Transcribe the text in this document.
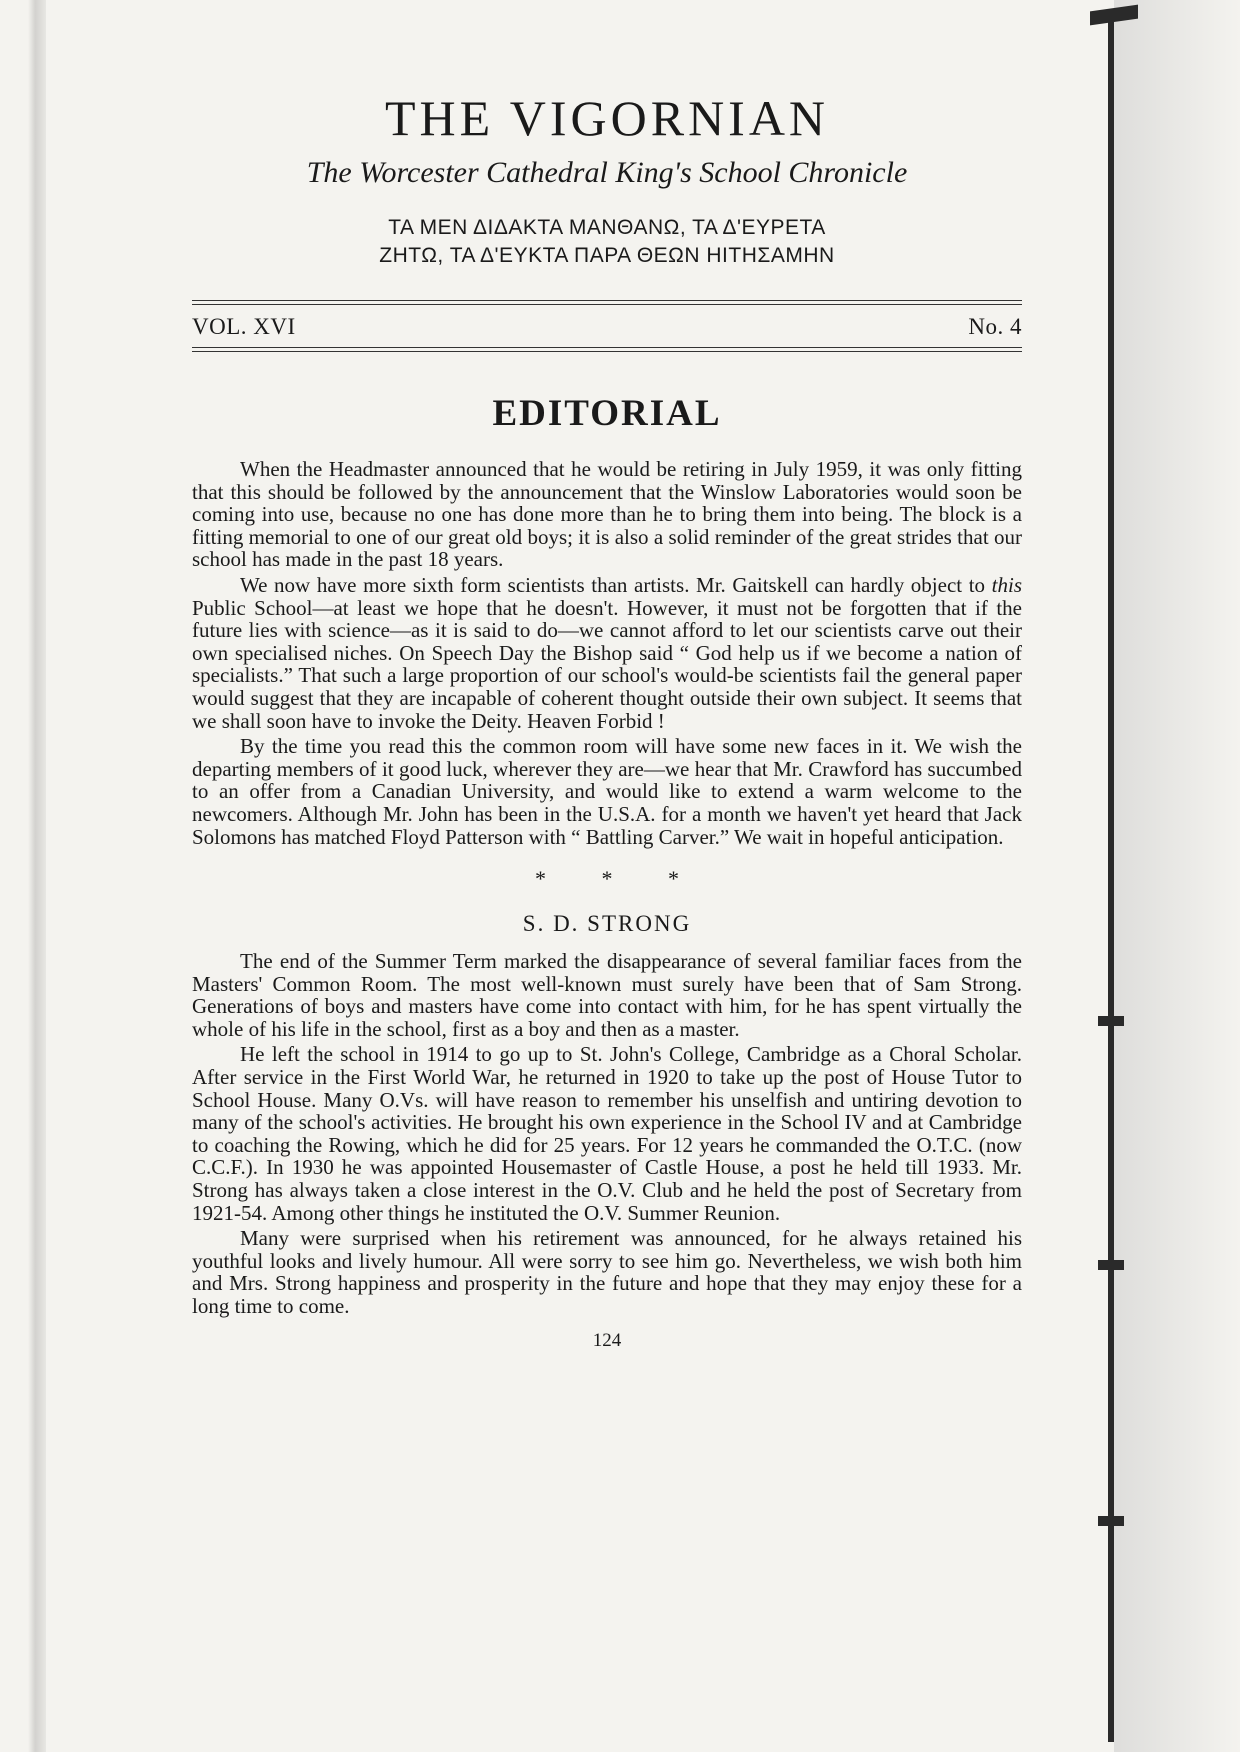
THE VIGORNIAN

The Worcester Cathedral King's School Chronicle

ΤΑ ΜΕΝ ΔΙΔΑΚΤΑ ΜΑΝΘΑΝΩ, ΤΑ Δ'ΕΥΡΕΤΑ
ΖΗΤΩ, ΤΑ Δ'ΕΥΚΤΑ ΠΑΡΑ ΘΕΩΝ ΗΙΤΗΣΑΜΗΝ

VOL. XVI	No. 4
EDITORIAL

When the Headmaster announced that he would be retiring in July 1959, it was only fitting that this should be followed by the announcement that the Winslow Laboratories would soon be coming into use, because no one has done more than he to bring them into being. The block is a fitting memorial to one of our great old boys; it is also a solid reminder of the great strides that our school has made in the past 18 years.

We now have more sixth form scientists than artists. Mr. Gaitskell can hardly object to this Public School—at least we hope that he doesn't. However, it must not be forgotten that if the future lies with science—as it is said to do—we cannot afford to let our scientists carve out their own specialised niches. On Speech Day the Bishop said “ God help us if we become a nation of specialists.” That such a large proportion of our school's would-be scientists fail the general paper would suggest that they are incapable of coherent thought outside their own subject. It seems that we shall soon have to invoke the Deity. Heaven Forbid !

By the time you read this the common room will have some new faces in it. We wish the departing members of it good luck, wherever they are—we hear that Mr. Crawford has succumbed to an offer from a Canadian University, and would like to extend a warm welcome to the newcomers. Although Mr. John has been in the U.S.A. for a month we haven't yet heard that Jack Solomons has matched Floyd Patterson with “ Battling Carver.” We wait in hopeful anticipation.

* * *
S. D. STRONG

The end of the Summer Term marked the disappearance of several familiar faces from the Masters' Common Room. The most well-known must surely have been that of Sam Strong. Generations of boys and masters have come into contact with him, for he has spent virtually the whole of his life in the school, first as a boy and then as a master.

He left the school in 1914 to go up to St. John's College, Cambridge as a Choral Scholar. After service in the First World War, he returned in 1920 to take up the post of House Tutor to School House. Many O.Vs. will have reason to remember his unselfish and untiring devotion to many of the school's activities. He brought his own experience in the School IV and at Cambridge to coaching the Rowing, which he did for 25 years. For 12 years he commanded the O.T.C. (now C.C.F.). In 1930 he was appointed Housemaster of Castle House, a post he held till 1933. Mr. Strong has always taken a close interest in the O.V. Club and he held the post of Secretary from 1921-54. Among other things he instituted the O.V. Summer Reunion.

Many were surprised when his retirement was announced, for he always retained his youthful looks and lively humour. All were sorry to see him go. Nevertheless, we wish both him and Mrs. Strong happiness and prosperity in the future and hope that they may enjoy these for a long time to come.

124
